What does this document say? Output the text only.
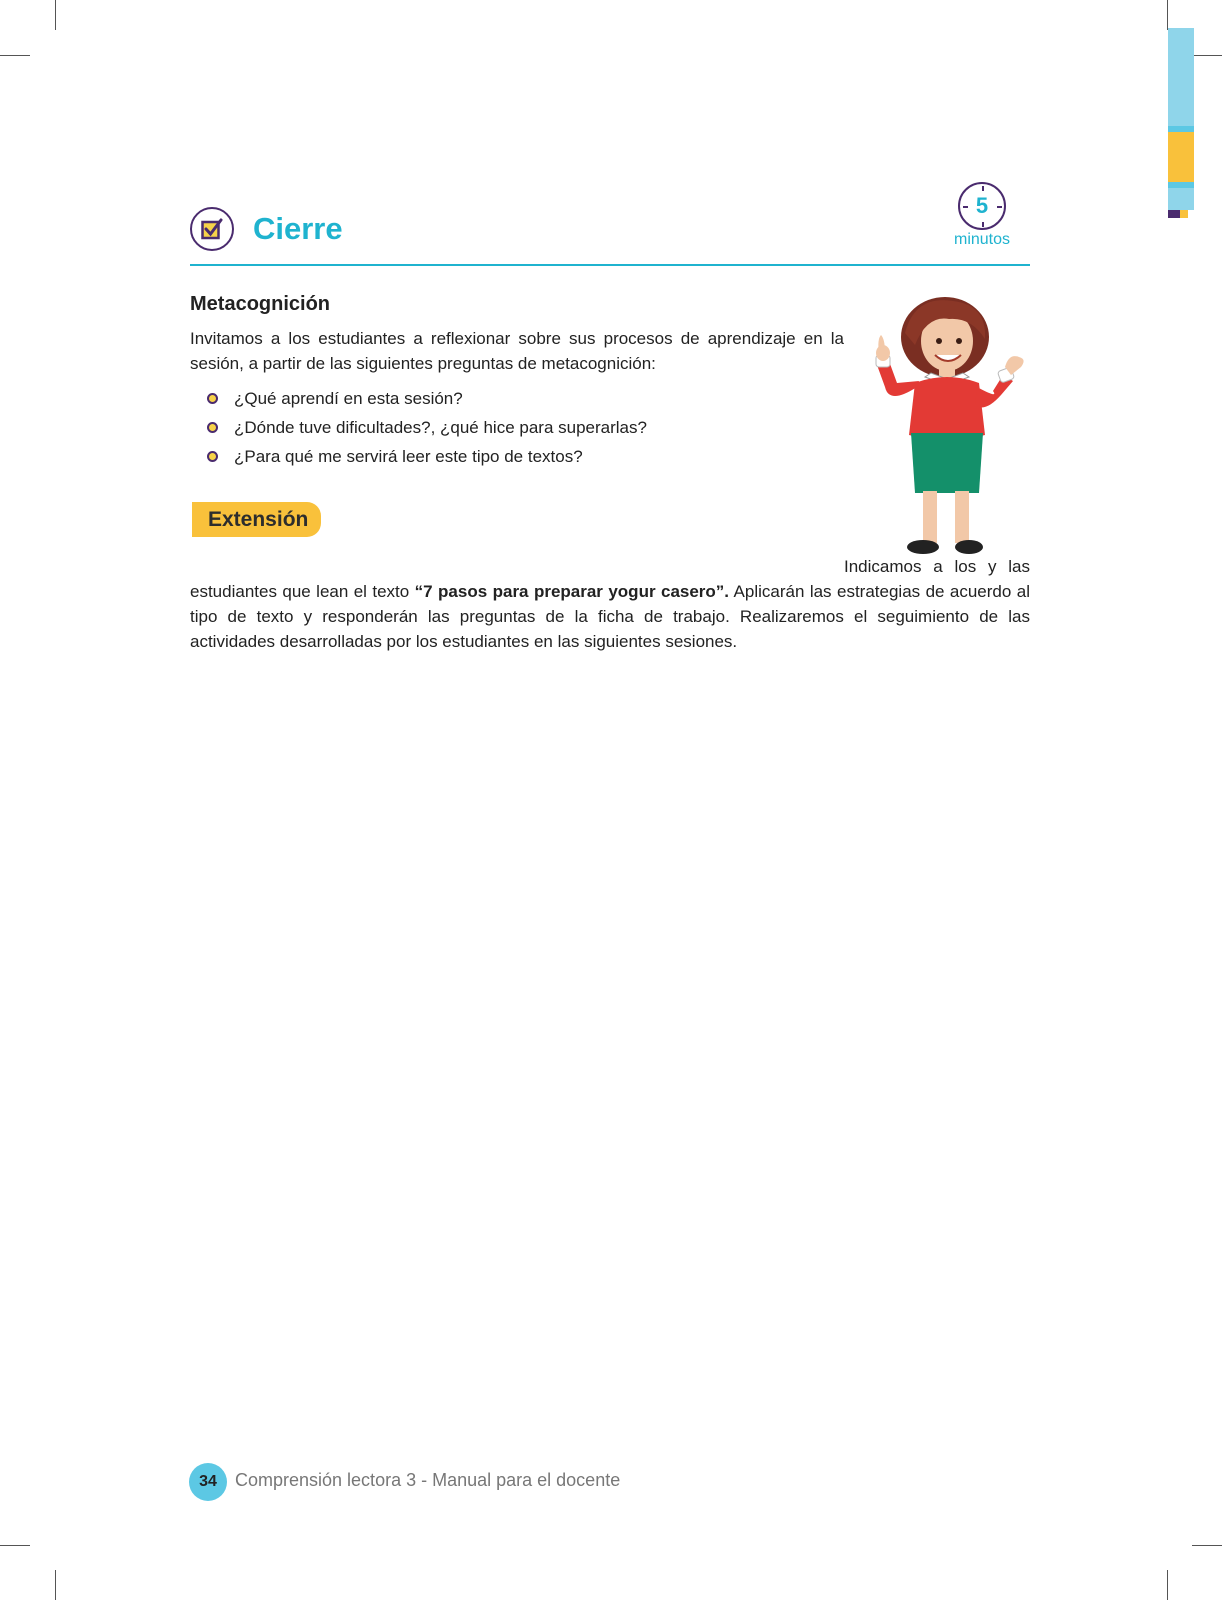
Cierre
5
minutos
Metacognición
Invitamos a los estudiantes a reflexionar sobre sus procesos de aprendizaje en la sesión, a partir de las siguientes preguntas de metacognición:
¿Qué aprendí en esta sesión?
¿Dónde tuve dificultades?, ¿qué hice para superarlas?
¿Para qué me servirá leer este tipo de textos?
Extensión
Indicamos a los y las estudiantes que lean el texto “7 pasos para preparar yogur casero”. Aplicarán las estrategias de acuerdo al tipo de texto y responderán las preguntas de la ficha de trabajo. Realizaremos el seguimiento de las actividades desarrolladas por los estudiantes en las siguientes sesiones.
34	Comprensión lectora 3 - Manual para el docente
